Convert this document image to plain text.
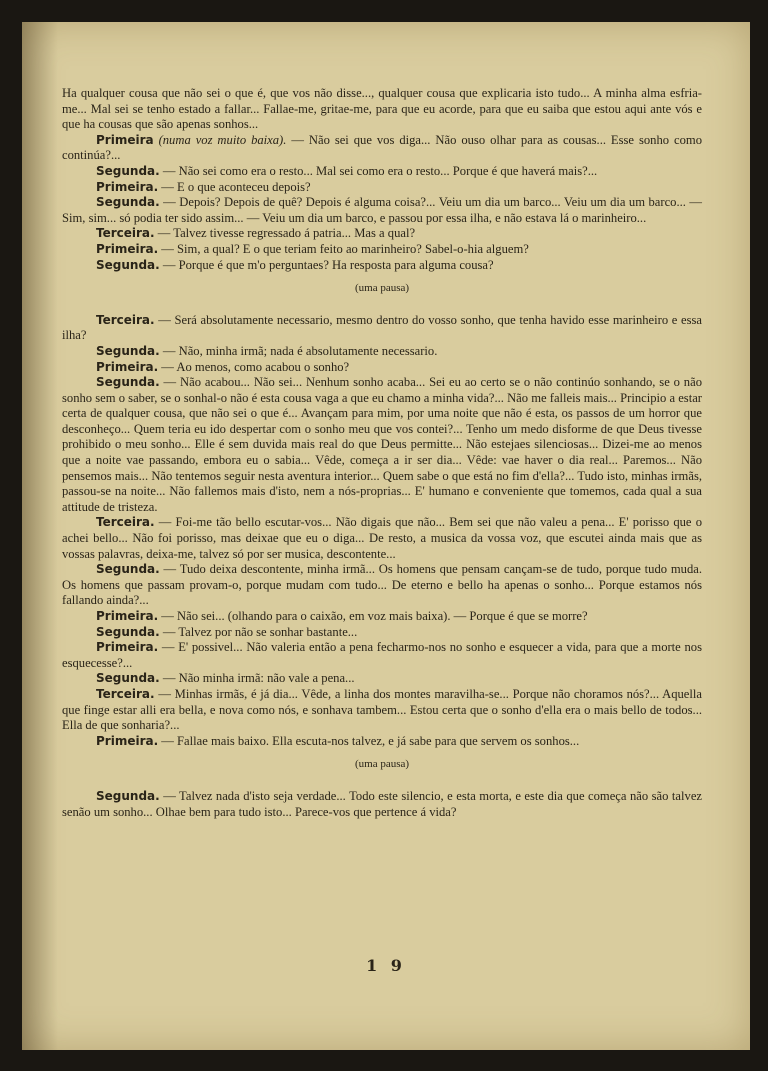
Ha qualquer cousa que não sei o que é, que vos não disse..., qualquer cousa que explicaria isto tudo... A minha alma esfria-me... Mal sei se tenho estado a fallar... Fallae-me, gritae-me, para que eu acorde, para que eu saiba que estou aqui ante vós e que ha cousas que são apenas sonhos...

Primeira (numa voz muito baixa). — Não sei que vos diga... Não ouso olhar para as cousas... Esse sonho como continúa?...

Segunda. — Não sei como era o resto... Mal sei como era o resto... Porque é que haverá mais?...

Primeira. — E o que aconteceu depois?

Segunda. — Depois? Depois de quê? Depois é alguma coisa?... Veiu um dia um barco... Veiu um dia um barco... — Sim, sim... só podia ter sido assim... — Veiu um dia um barco, e passou por essa ilha, e não estava lá o marinheiro...

Terceira. — Talvez tivesse regressado á patria... Mas a qual?

Primeira. — Sim, a qual? E o que teriam feito ao marinheiro? Sabel-o-hia alguem?

Segunda. — Porque é que m'o perguntaes? Ha resposta para alguma cousa?

(uma pausa)

Terceira. — Será absolutamente necessario, mesmo dentro do vosso sonho, que tenha havido esse marinheiro e essa ilha?

Segunda. — Não, minha irmã; nada é absolutamente necessario.

Primeira. — Ao menos, como acabou o sonho?

Segunda. — Não acabou... Não sei... Nenhum sonho acaba... Sei eu ao certo se o não continúo sonhando, se o não sonho sem o saber, se o sonhal-o não é esta cousa vaga a que eu chamo a minha vida?... Não me falleis mais... Principio a estar certa de qualquer cousa, que não sei o que é... Avançam para mim, por uma noite que não é esta, os passos de um horror que desconheço... Quem teria eu ido despertar com o sonho meu que vos contei?... Tenho um medo disforme de que Deus tivesse prohibido o meu sonho... Elle é sem duvida mais real do que Deus permitte... Não estejaes silenciosas... Dizei-me ao menos que a noite vae passando, embora eu o sabia... Vêde, começa a ir ser dia... Vêde: vae haver o dia real... Paremos... Não pensemos mais... Não tentemos seguir nesta aventura interior... Quem sabe o que está no fim d'ella?... Tudo isto, minhas irmãs, passou-se na noite... Não fallemos mais d'isto, nem a nós-proprias... E' humano e conveniente que tomemos, cada qual a sua attitude de tristeza.

Terceira. — Foi-me tão bello escutar-vos... Não digais que não... Bem sei que não valeu a pena... E' porisso que o achei bello... Não foi porisso, mas deixae que eu o diga... De resto, a musica da vossa voz, que escutei ainda mais que as vossas palavras, deixa-me, talvez só por ser musica, descontente...

Segunda. — Tudo deixa descontente, minha irmã... Os homens que pensam cançam-se de tudo, porque tudo muda. Os homens que passam provam-o, porque mudam com tudo... De eterno e bello ha apenas o sonho... Porque estamos nós fallando ainda?...

Primeira. — Não sei... (olhando para o caixão, em voz mais baixa). — Porque é que se morre?

Segunda. — Talvez por não se sonhar bastante...

Primeira. — E' possivel... Não valeria então a pena fecharmo-nos no sonho e esquecer a vida, para que a morte nos esquecesse?...

Segunda. — Não minha irmã: não vale a pena...

Terceira. — Minhas irmãs, é já dia... Vêde, a linha dos montes maravilha-se... Porque não choramos nós?... Aquella que finge estar alli era bella, e nova como nós, e sonhava tambem... Estou certa que o sonho d'ella era o mais bello de todos... Ella de que sonharia?...

Primeira. — Fallae mais baixo. Ella escuta-nos talvez, e já sabe para que servem os sonhos...

(uma pausa)

Segunda. — Talvez nada d'isto seja verdade... Todo este silencio, e esta morta, e este dia que começa não são talvez senão um sonho... Olhae bem para tudo isto... Parece-vos que pertence á vida?

1 9
